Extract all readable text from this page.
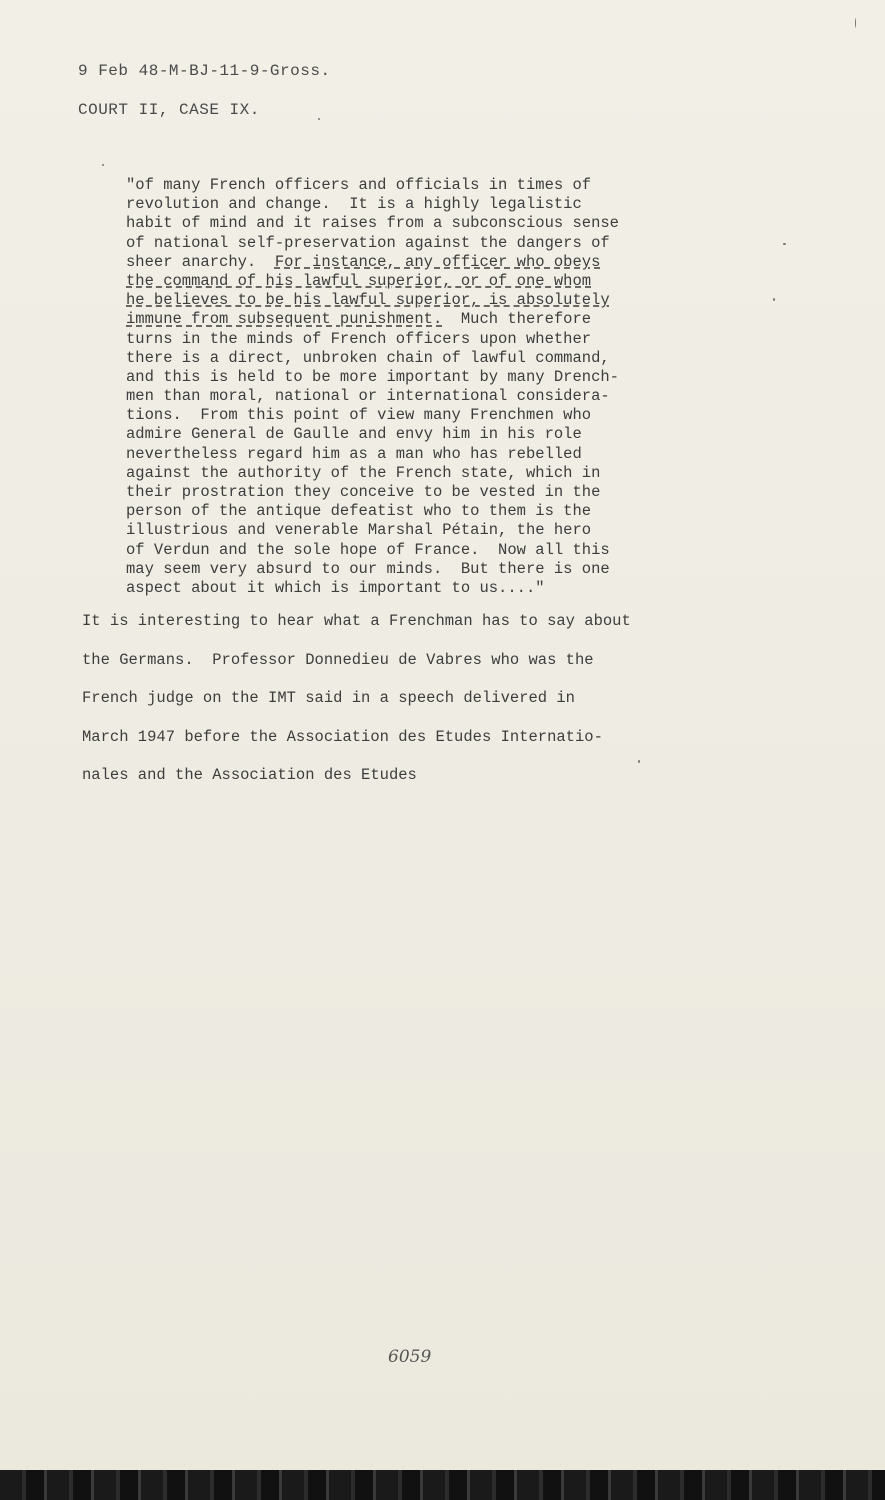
9 Feb 48-M-BJ-11-9-Gross.
COURT II, CASE IX.
"of many French officers and officials in times of
revolution and change.  It is a highly legalistic
habit of mind and it raises from a subconscious sense
of national self-preservation against the dangers of
sheer anarchy.  For instance, any officer who obeys
the command of his lawful superior, or of one whom
he believes to be his lawful superior, is absolutely
immune from subsequent punishment.  Much therefore
turns in the minds of French officers upon whether
there is a direct, unbroken chain of lawful command,
and this is held to be more important by many Drench-
men than moral, national or international considera-
tions.  From this point of view many Frenchmen who
admire General de Gaulle and envy him in his role
nevertheless regard him as a man who has rebelled
against the authority of the French state, which in
their prostration they conceive to be vested in the
person of the antique defeatist who to them is the
illustrious and venerable Marshal Pétain, the hero
of Verdun and the sole hope of France.  Now all this
may seem very absurd to our minds.  But there is one
aspect about it which is important to us...."
It is interesting to hear what a Frenchman has to say about
the Germans.  Professor Donnedieu de Vabres who was the
French judge on the IMT said in a speech delivered in
March 1947 before the Association des Etudes Internatio-
nales and the Association des Etudes
6059
